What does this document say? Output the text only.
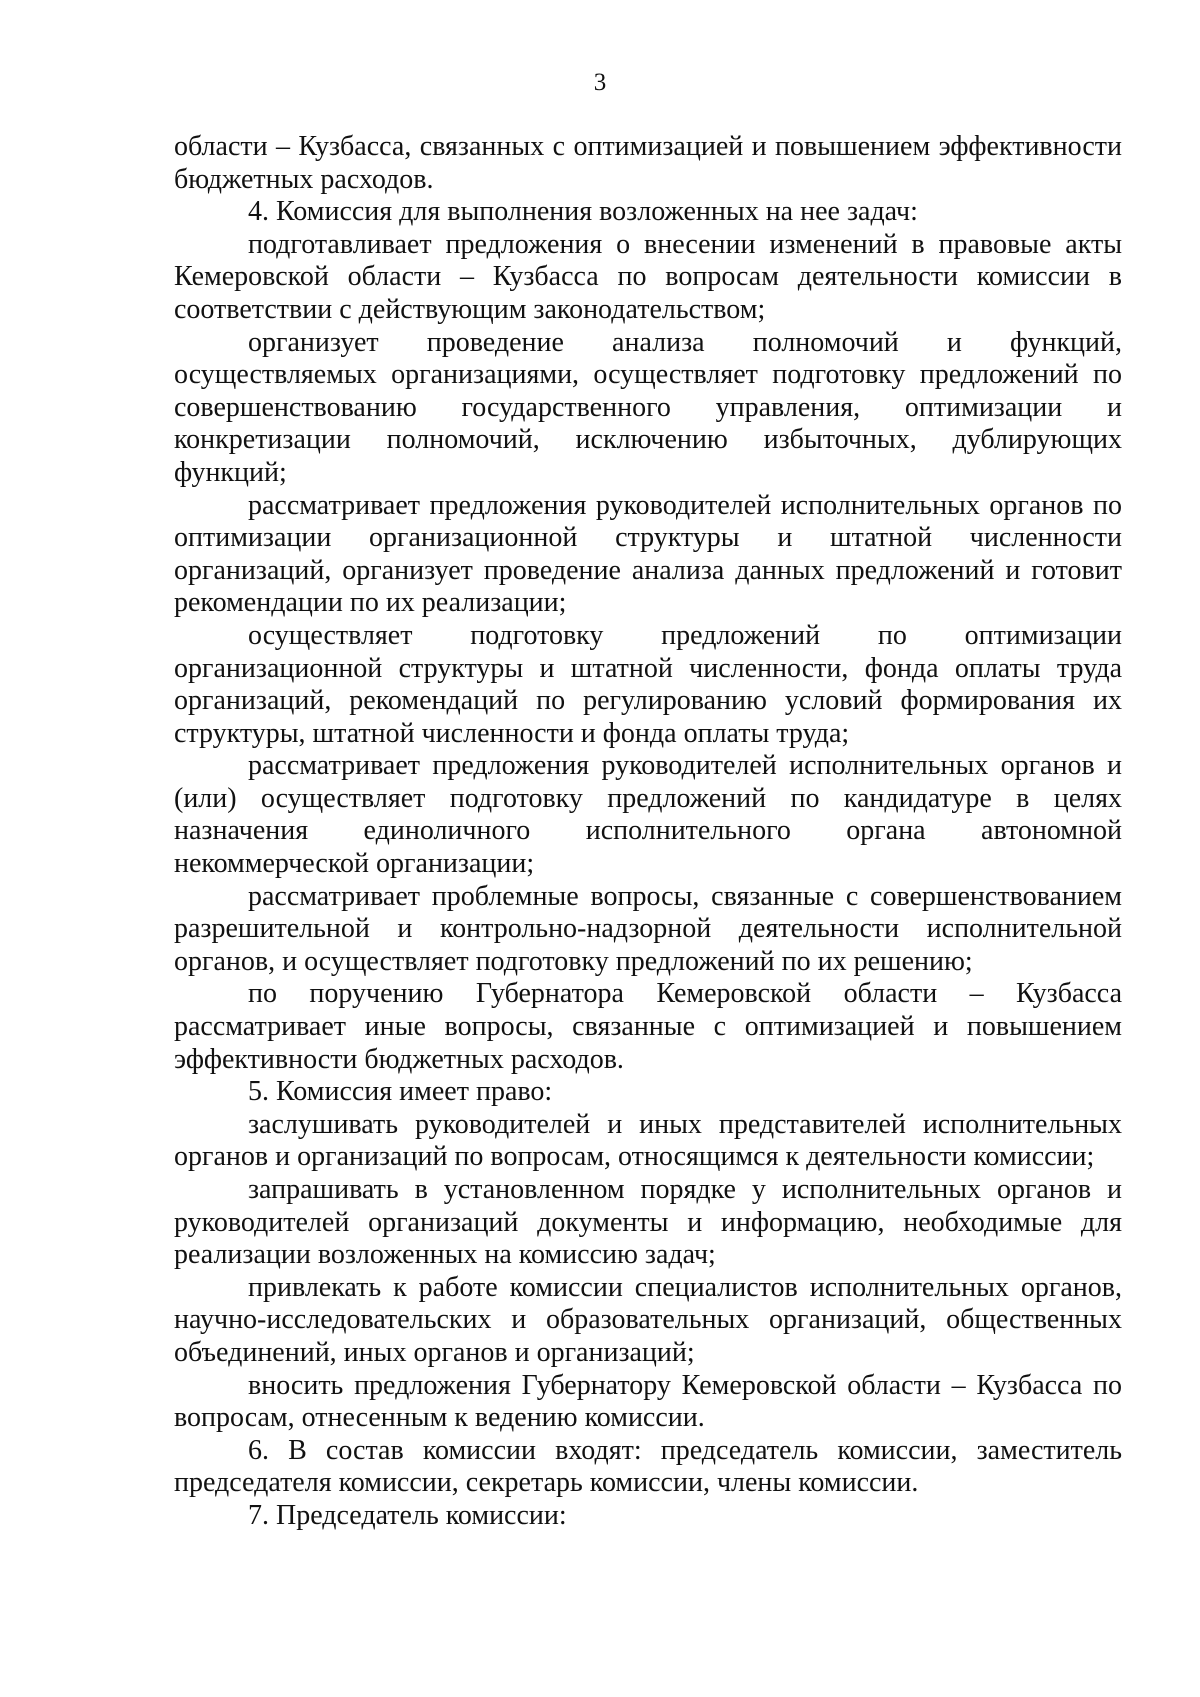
3

области – Кузбасса, связанных с оптимизацией и повышением эффективности бюджетных расходов.

4. Комиссия для выполнения возложенных на нее задач:

подготавливает предложения о внесении изменений в правовые акты Кемеровской области – Кузбасса по вопросам деятельности комиссии в соответствии с действующим законодательством;

организует проведение анализа полномочий и функций, осуществляемых организациями, осуществляет подготовку предложений по совершенствованию государственного управления, оптимизации и конкретизации полномочий, исключению избыточных, дублирующих функций;

рассматривает предложения руководителей исполнительных органов по оптимизации организационной структуры и штатной численности организаций, организует проведение анализа данных предложений и готовит рекомендации по их реализации;

осуществляет подготовку предложений по оптимизации организационной структуры и штатной численности, фонда оплаты труда организаций, рекомендаций по регулированию условий формирования их структуры, штатной численности и фонда оплаты труда;

рассматривает предложения руководителей исполнительных органов и (или) осуществляет подготовку предложений по кандидатуре в целях назначения единоличного исполнительного органа автономной некоммерческой организации;

рассматривает проблемные вопросы, связанные с совершенствованием разрешительной и контрольно-надзорной деятельности исполнительной органов, и осуществляет подготовку предложений по их решению;

по поручению Губернатора Кемеровской области – Кузбасса рассматривает иные вопросы, связанные с оптимизацией и повышением эффективности бюджетных расходов.

5. Комиссия имеет право:

заслушивать руководителей и иных представителей исполнительных органов и организаций по вопросам, относящимся к деятельности комиссии;

запрашивать в установленном порядке у исполнительных органов и руководителей организаций документы и информацию, необходимые для реализации возложенных на комиссию задач;

привлекать к работе комиссии специалистов исполнительных органов, научно-исследовательских и образовательных организаций, общественных объединений, иных органов и организаций;

вносить предложения Губернатору Кемеровской области – Кузбасса по вопросам, отнесенным к ведению комиссии.

6. В состав комиссии входят: председатель комиссии, заместитель председателя комиссии, секретарь комиссии, члены комиссии.

7. Председатель комиссии:
